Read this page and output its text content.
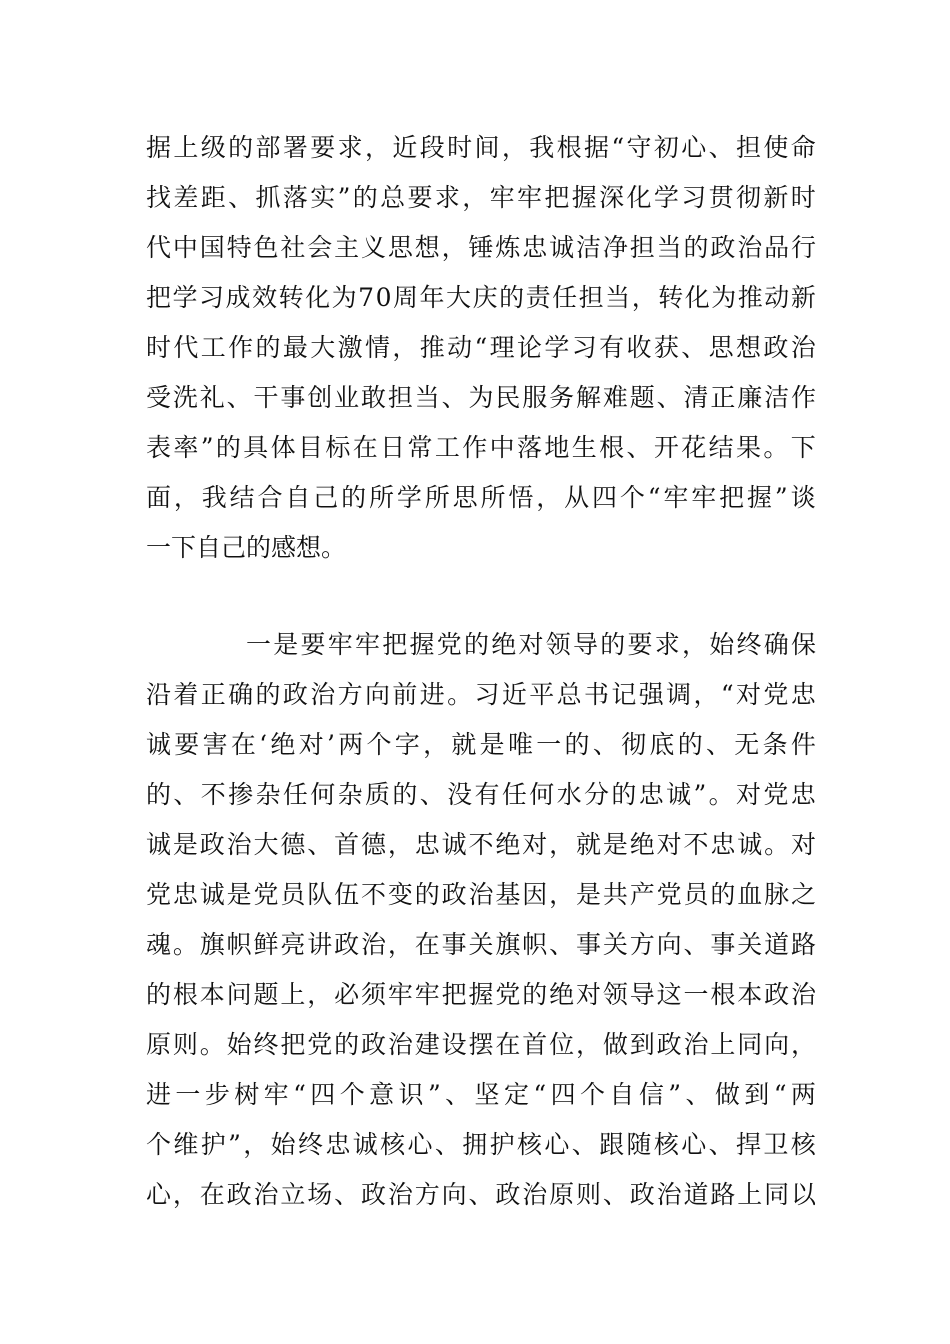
据上级的部署要求，近段时间，我根据“守初心、担使命
找差距、抓落实”的总要求，牢牢把握深化学习贯彻新时
代中国特色社会主义思想，锤炼忠诚洁净担当的政治品行
把学习成效转化为70周年大庆的责任担当，转化为推动新
时代工作的最大激情，推动“理论学习有收获、思想政治
受洗礼、干事创业敢担当、为民服务解难题、清正廉洁作
表率”的具体目标在日常工作中落地生根、开花结果。下
面，我结合自己的所学所思所悟，从四个“牢牢把握”谈
一下自己的感想。
一是要牢牢把握党的绝对领导的要求，始终确保
沿着正确的政治方向前进。习近平总书记强调，“对党忠
诚要害在‘绝对’两个字，就是唯一的、彻底的、无条件
的、不掺杂任何杂质的、没有任何水分的忠诚”。对党忠
诚是政治大德、首德，忠诚不绝对，就是绝对不忠诚。对
党忠诚是党员队伍不变的政治基因，是共产党员的血脉之
魂。旗帜鲜亮讲政治，在事关旗帜、事关方向、事关道路
的根本问题上，必须牢牢把握党的绝对领导这一根本政治
原则。始终把党的政治建设摆在首位，做到政治上同向，
进一步树牢“四个意识”、坚定“四个自信”、做到“两
个维护”，始终忠诚核心、拥护核心、跟随核心、捍卫核
心，在政治立场、政治方向、政治原则、政治道路上同以
